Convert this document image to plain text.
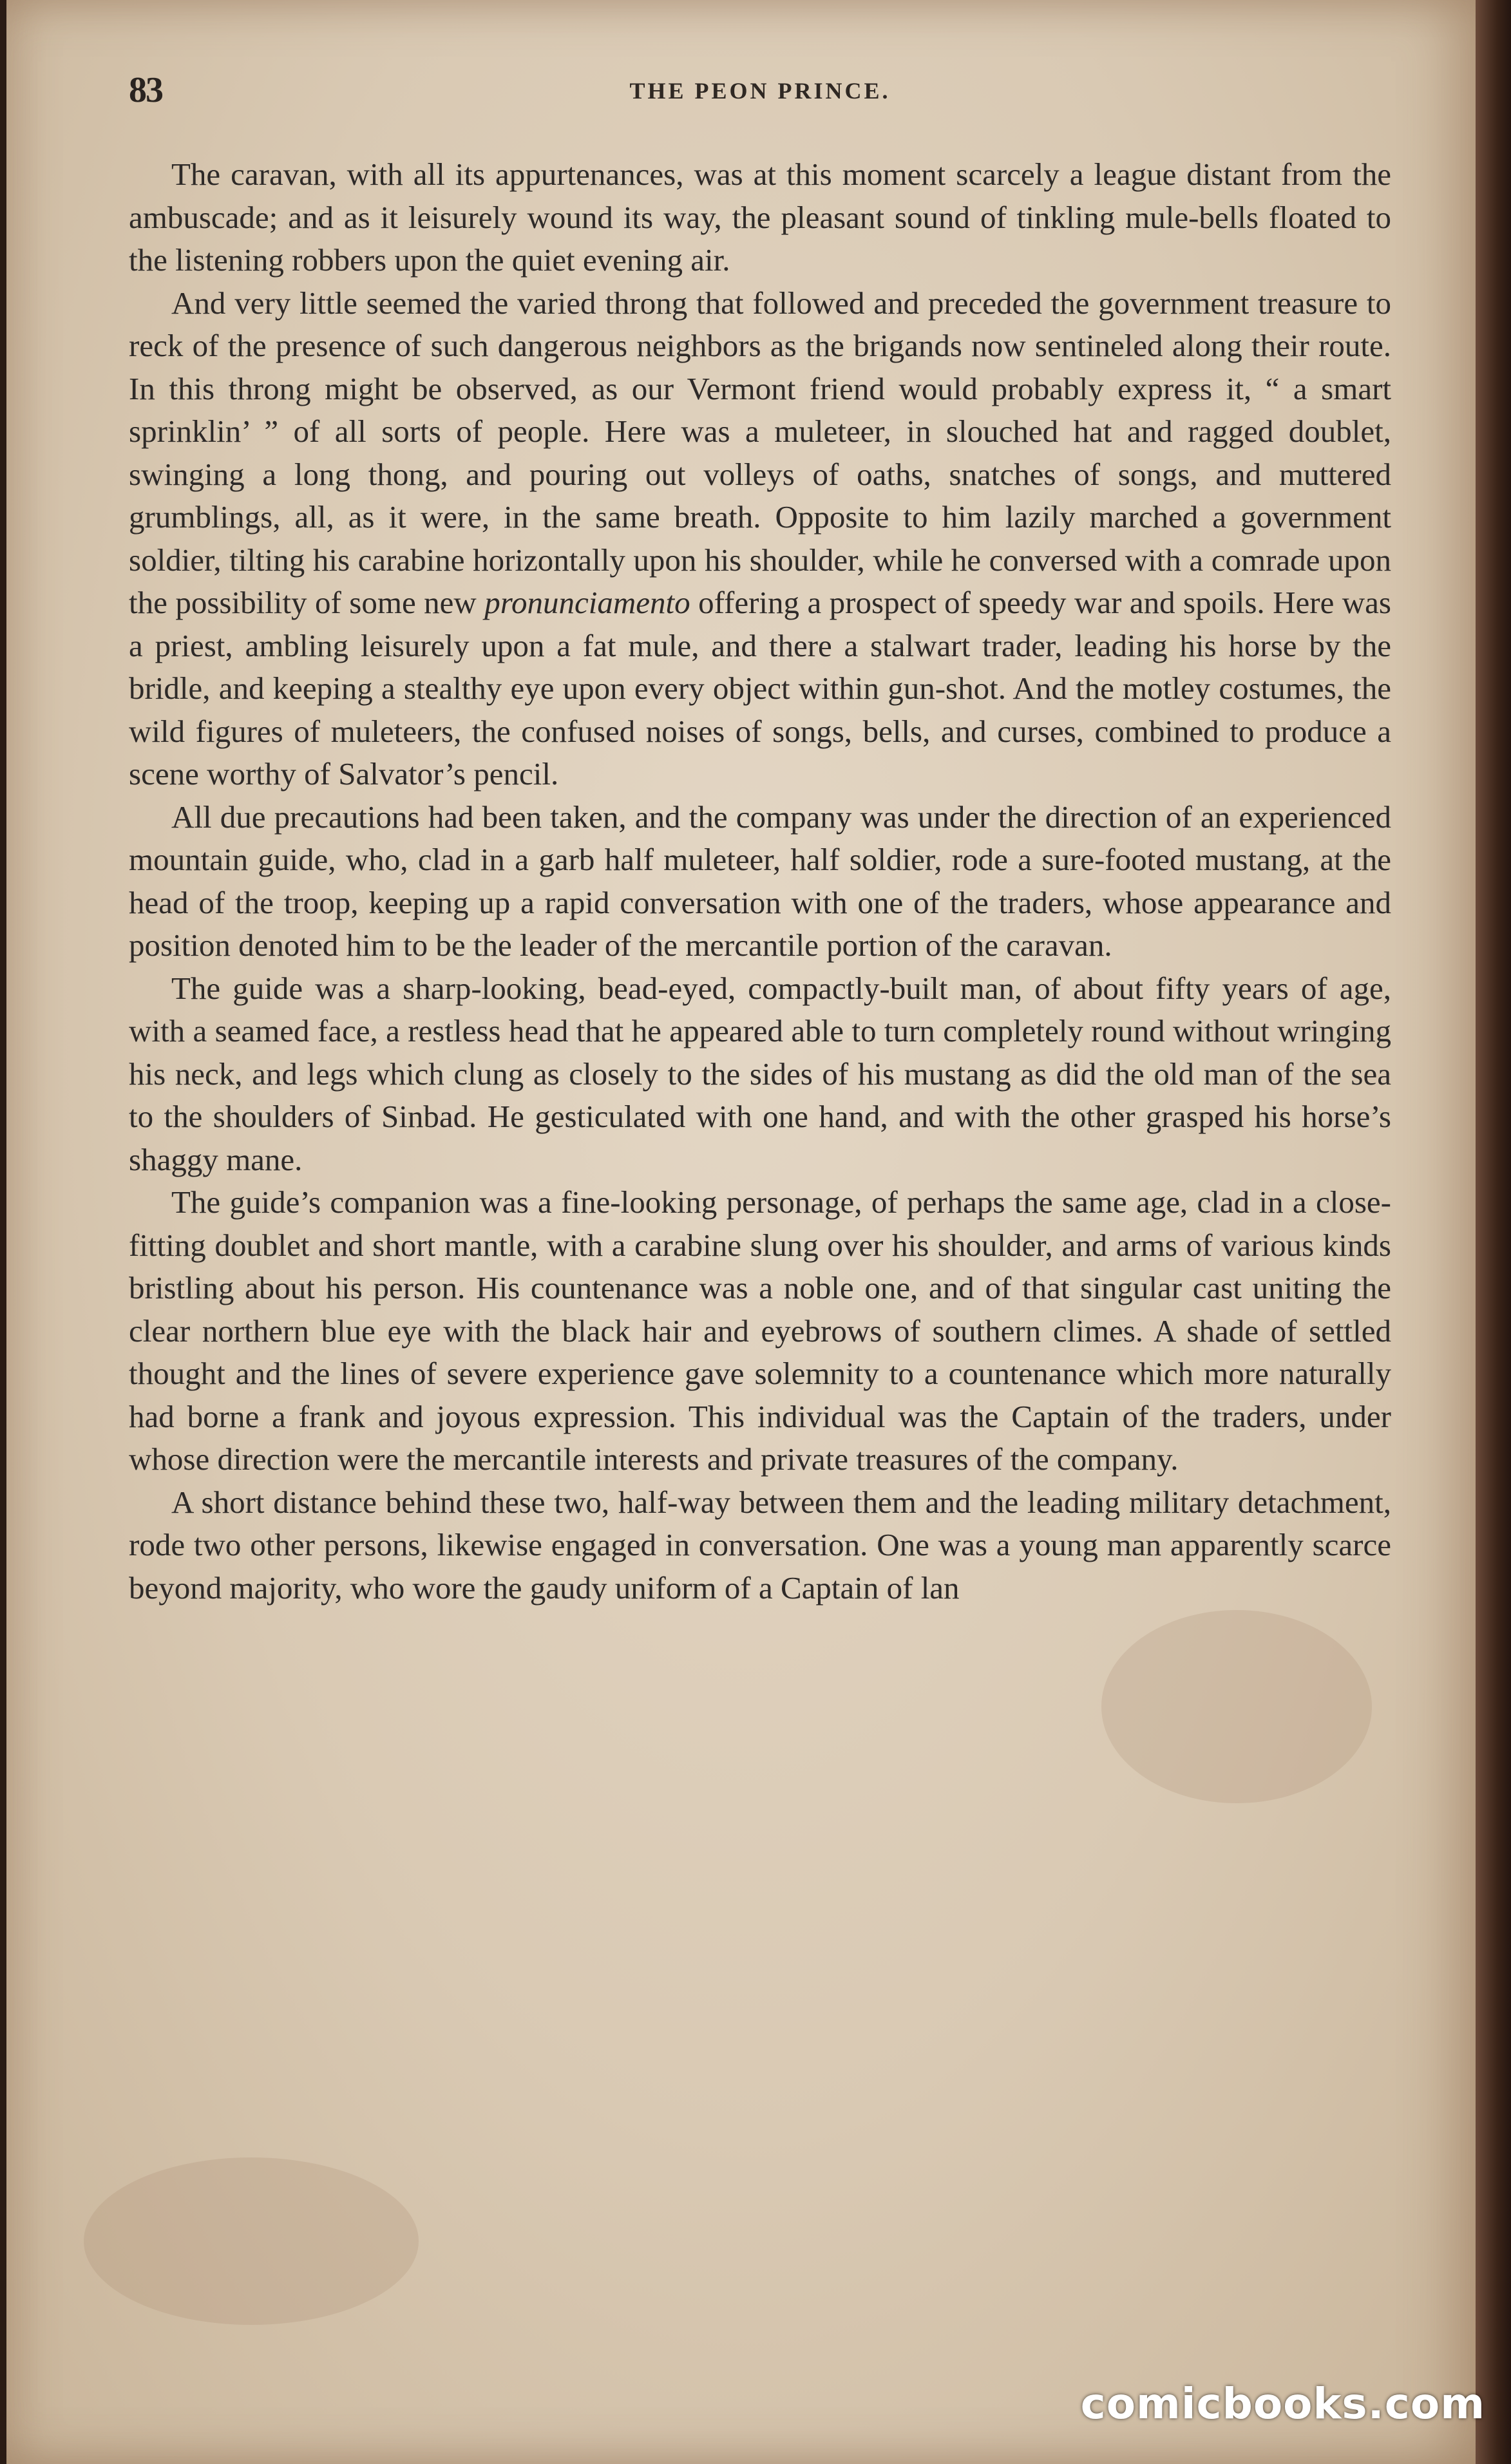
83	THE PEON PRINCE.

The caravan, with all its appurtenances, was at this moment scarcely a league distant from the ambuscade; and as it leisurely wound its way, the pleasant sound of tinkling mule-bells floated to the listening robbers upon the quiet evening air.

And very little seemed the varied throng that followed and preceded the government treasure to reck of the presence of such dangerous neighbors as the brigands now sentineled along their route. In this throng might be observed, as our Vermont friend would probably express it, “ a smart sprinklin’ ” of all sorts of people. Here was a muleteer, in slouched hat and ragged doublet, swinging a long thong, and pouring out volleys of oaths, snatches of songs, and muttered grumblings, all, as it were, in the same breath. Opposite to him lazily marched a government soldier, tilting his carabine horizontally upon his shoulder, while he conversed with a comrade upon the possibility of some new pronunciamento offering a prospect of speedy war and spoils. Here was a priest, ambling leisurely upon a fat mule, and there a stalwart trader, leading his horse by the bridle, and keeping a stealthy eye upon every object within gun-shot. And the motley costumes, the wild figures of muleteers, the confused noises of songs, bells, and curses, combined to produce a scene worthy of Salvator’s pencil.

All due precautions had been taken, and the company was under the direction of an experienced mountain guide, who, clad in a garb half muleteer, half soldier, rode a sure-footed mustang, at the head of the troop, keeping up a rapid conversation with one of the traders, whose appearance and position denoted him to be the leader of the mercantile portion of the caravan.

The guide was a sharp-looking, bead-eyed, compactly-built man, of about fifty years of age, with a seamed face, a restless head that he appeared able to turn completely round without wringing his neck, and legs which clung as closely to the sides of his mustang as did the old man of the sea to the shoulders of Sinbad. He gesticulated with one hand, and with the other grasped his horse’s shaggy mane.

The guide’s companion was a fine-looking personage, of perhaps the same age, clad in a close-fitting doublet and short mantle, with a carabine slung over his shoulder, and arms of various kinds bristling about his person. His countenance was a noble one, and of that singular cast uniting the clear northern blue eye with the black hair and eyebrows of southern climes. A shade of settled thought and the lines of severe experience gave solemnity to a countenance which more naturally had borne a frank and joyous expression. This individual was the Captain of the traders, under whose direction were the mercantile interests and private treasures of the company.

A short distance behind these two, half-way between them and the leading military detachment, rode two other persons, likewise engaged in conversation. One was a young man apparently scarce beyond majority, who wore the gaudy uniform of a Captain of lan

comicbooks.com
